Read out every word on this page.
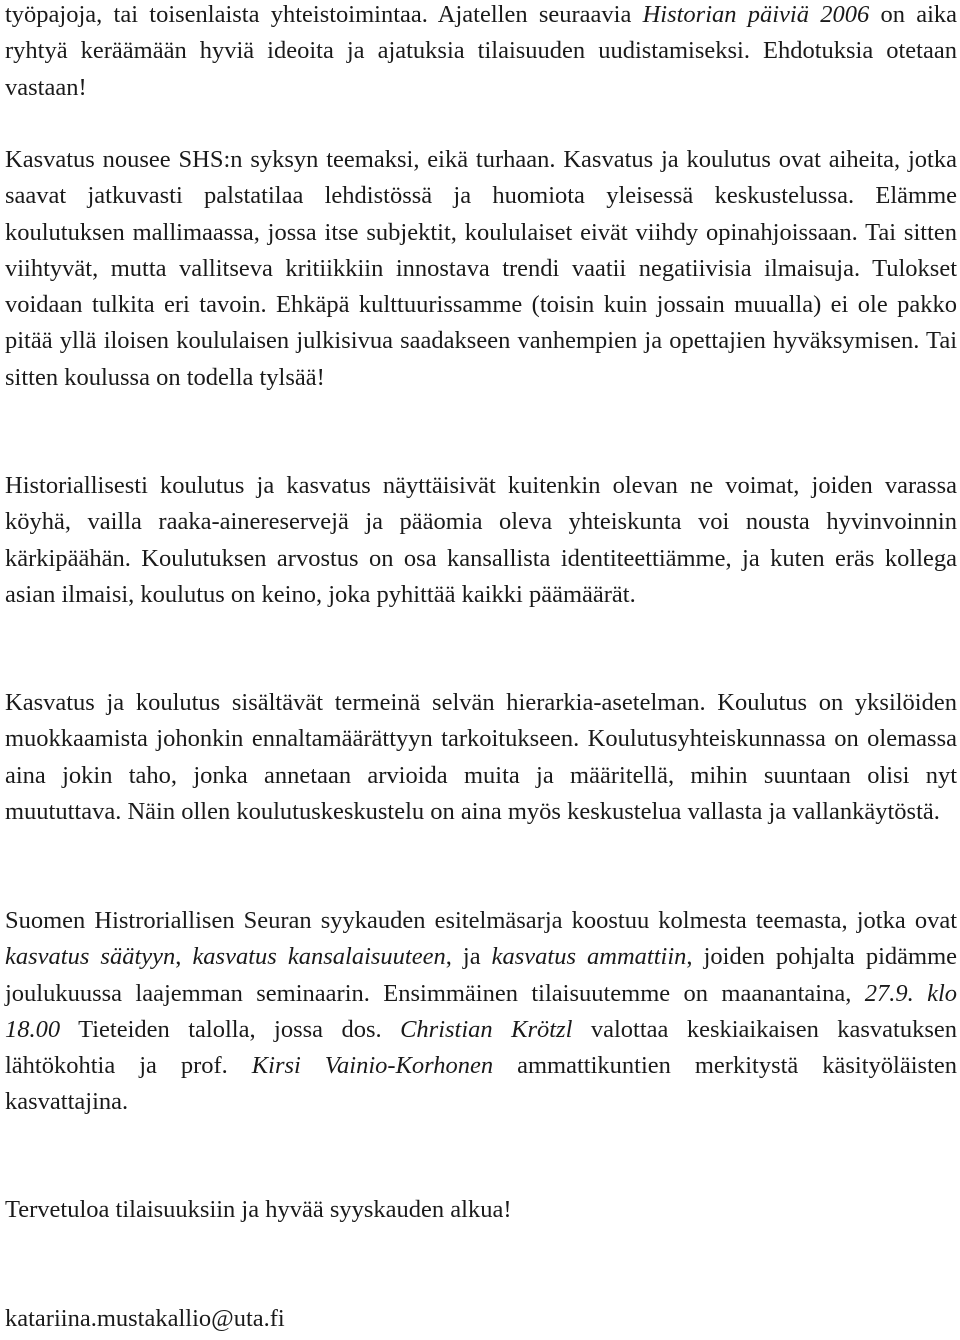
työpajoja, tai toisenlaista yhteistoimintaa. Ajatellen seuraavia Historian päiviä 2006 on aika ryhtyä keräämään hyviä ideoita ja ajatuksia tilaisuuden uudistamiseksi. Ehdotuksia otetaan vastaan!

Kasvatus nousee SHS:n syksyn teemaksi, eikä turhaan. Kasvatus ja koulutus ovat aiheita, jotka saavat jatkuvasti palstatilaa lehdistössä ja huomiota yleisessä keskustelussa. Elämme koulutuksen mallimaassa, jossa itse subjektit, koululaiset eivät viihdy opinahjoissaan. Tai sitten viihtyvät, mutta vallitseva kritiikkiin innostava trendi vaatii negatiivisia ilmaisuja. Tulokset voidaan tulkita eri tavoin. Ehkäpä kulttuurissamme (toisin kuin jossain muualla) ei ole pakko pitää yllä iloisen koululaisen julkisivua saadakseen vanhempien ja opettajien hyväksymisen. Tai sitten koulussa on todella tylsää!

Historiallisesti koulutus ja kasvatus näyttäisivät kuitenkin olevan ne voimat, joiden varassa köyhä, vailla raaka-ainereservejä ja pääomia oleva yhteiskunta voi nousta hyvinvoinnin kärkipäähän. Koulutuksen arvostus on osa kansallista identiteettiämme, ja kuten eräs kollega asian ilmaisi, koulutus on keino, joka pyhittää kaikki päämäärät.

Kasvatus ja koulutus sisältävät termeinä selvän hierarkia-asetelman. Koulutus on yksilöiden muokkaamista johonkin ennaltamäärättyyn tarkoitukseen. Koulutusyhteiskunnassa on olemassa aina jokin taho, jonka annetaan arvioida muita ja määritellä, mihin suuntaan olisi nyt muututtava. Näin ollen koulutuskeskustelu on aina myös keskustelua vallasta ja vallankäytöstä.

Suomen Histroriallisen Seuran syykauden esitelmäsarja koostuu kolmesta teemasta, jotka ovat kasvatus säätyyn, kasvatus kansalaisuuteen, ja kasvatus ammattiin, joiden pohjalta pidämme joulukuussa laajemman seminaarin. Ensimmäinen tilaisuutemme on maanantaina, 27.9. klo 18.00 Tieteiden talolla, jossa dos. Christian Krötzl valottaa keskiaikaisen kasvatuksen lähtökohtia ja prof. Kirsi Vainio-Korhonen ammattikuntien merkitystä käsityöläisten kasvattajina.

Tervetuloa tilaisuuksiin ja hyvää syyskauden alkua!

katariina.mustakallio@uta.fi
